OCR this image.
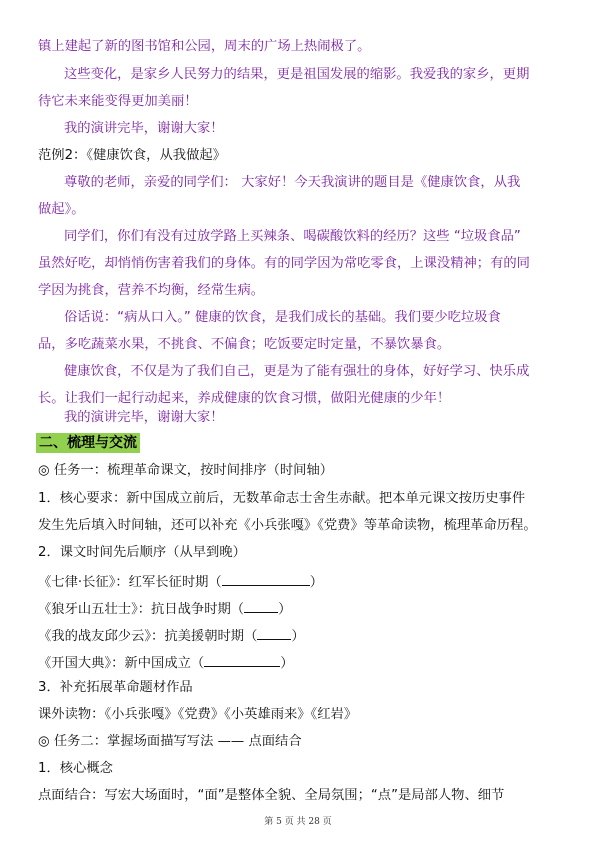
镇上建起了新的图书馆和公园，周末的广场上热闹极了。
这些变化，是家乡人民努力的结果，更是祖国发展的缩影。我爱我的家乡，更期
待它未来能变得更加美丽！
我的演讲完毕，谢谢大家！
范例2：《健康饮食，从我做起》
尊敬的老师，亲爱的同学们： 大家好！今天我演讲的题目是《健康饮食，从我
做起》。
同学们，你们有没有过放学路上买辣条、喝碳酸饮料的经历？这些 “垃圾食品”
虽然好吃，却悄悄伤害着我们的身体。有的同学因为常吃零食，上课没精神；有的同
学因为挑食，营养不均衡，经常生病。
俗话说：“病从口入。” 健康的饮食，是我们成长的基础。我们要少吃垃圾食
品，多吃蔬菜水果，不挑食、不偏食；吃饭要定时定量，不暴饮暴食。
健康饮食，不仅是为了我们自己，更是为了能有强壮的身体，好好学习、快乐成
长。让我们一起行动起来，养成健康的饮食习惯，做阳光健康的少年！
我的演讲完毕，谢谢大家！
二、梳理与交流
◎ 任务一：梳理革命课文，按时间排序（时间轴）
1．核心要求：新中国成立前后，无数革命志士舍生赤献。把本单元课文按历史事件
发生先后填入时间轴，还可以补充《小兵张嘎》《党费》等革命读物，梳理革命历程。
2．课文时间先后顺序（从早到晚）
《七律·长征》：红军长征时期（	）
《狼牙山五壮士》：抗日战争时期（	）
《我的战友邱少云》：抗美援朝时期（	）
《开国大典》：新中国成立（	）
3．补充拓展革命题材作品
课外读物：《小兵张嘎》《党费》《小英雄雨来》《红岩》
◎ 任务二：掌握场面描写写法 —— 点面结合
1．核心概念
点面结合：写宏大场面时，“面”是整体全貌、全局氛围；“点”是局部人物、细节
第 5 页 共 28 页
